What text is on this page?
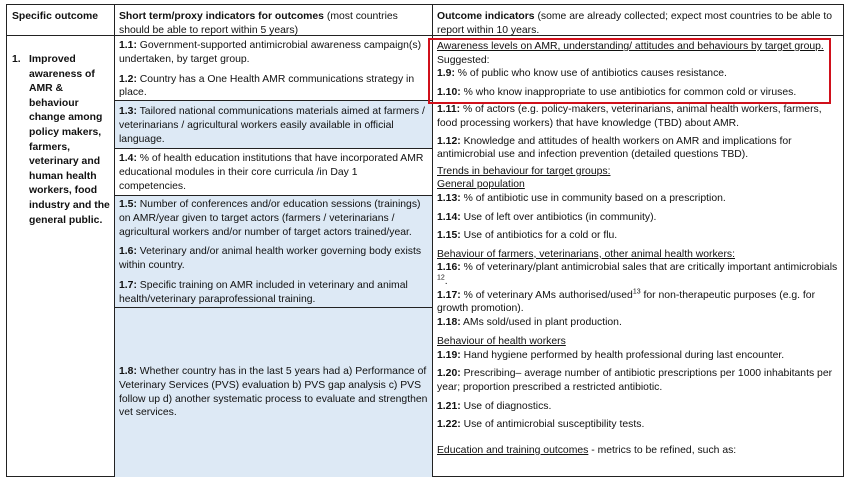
Specific outcome	Short term/proxy indicators for outcomes (most countries should be able to report within 5 years)
Outcome indicators (some are already collected; expect most countries to be able to report within 10 years.
1. Improved awareness of AMR & behaviour change among policy makers, farmers, veterinary and human health workers, food industry and the general public.

1.1: Government-supported antimicrobial awareness campaign(s) undertaken, by target group.

1.2: Country has a One Health AMR communications strategy in place.

1.3: Tailored national communications materials aimed at farmers / veterinarians / agricultural workers easily available in official language.

1.4: % of health education institutions that have incorporated AMR educational modules in their core curricula /in Day 1 competencies.

1.5: Number of conferences and/or education sessions (trainings) on AMR/year given to target actors (farmers / veterinarians / agricultural workers and/or number of target actors trained/year.

1.6: Veterinary and/or animal health worker governing body exists within country.

1.7: Specific training on AMR included in veterinary and animal health/veterinary paraprofessional training.

1.8: Whether country has in the last 5 years had a) Performance of Veterinary Services (PVS) evaluation b) PVS gap analysis c) PVS follow up d) another systematic process to evaluate and strengthen vet services.

Awareness levels on AMR, understanding/ attitudes and behaviours by target group.

Suggested:

1.9: % of public who know use of antibiotics causes resistance.

1.10: % who know inappropriate to use antibiotics for common cold or viruses.

1.11: % of actors (e.g. policy-makers, veterinarians, animal health workers, farmers, food processing workers) that have knowledge (TBD) about AMR.

1.12: Knowledge and attitudes of health workers on AMR and implications for antimicrobial use and infection prevention (detailed questions TBD).

Trends in behaviour for target groups:

General population

1.13: % of antibiotic use in community based on a prescription.

1.14: Use of left over antibiotics (in community).

1.15: Use of antibiotics for a cold or flu.

Behaviour of farmers, veterinarians, other animal health workers:

1.16: % of veterinary/plant antimicrobial sales that are critically important antimicrobials $^{12}$.

1.17: % of veterinary AMs authorised/used$^{13}$ for non-therapeutic purposes (e.g. for growth promotion).

1.18: AMs sold/used in plant production.

Behaviour of health workers

1.19: Hand hygiene performed by health professional during last encounter.

1.20: Prescribing– average number of antibiotic prescriptions per 1000 inhabitants per year; proportion prescribed a restricted antibiotic.

1.21: Use of diagnostics.

1.22: Use of antimicrobial susceptibility tests.

Education and training outcomes - metrics to be refined, such as:
